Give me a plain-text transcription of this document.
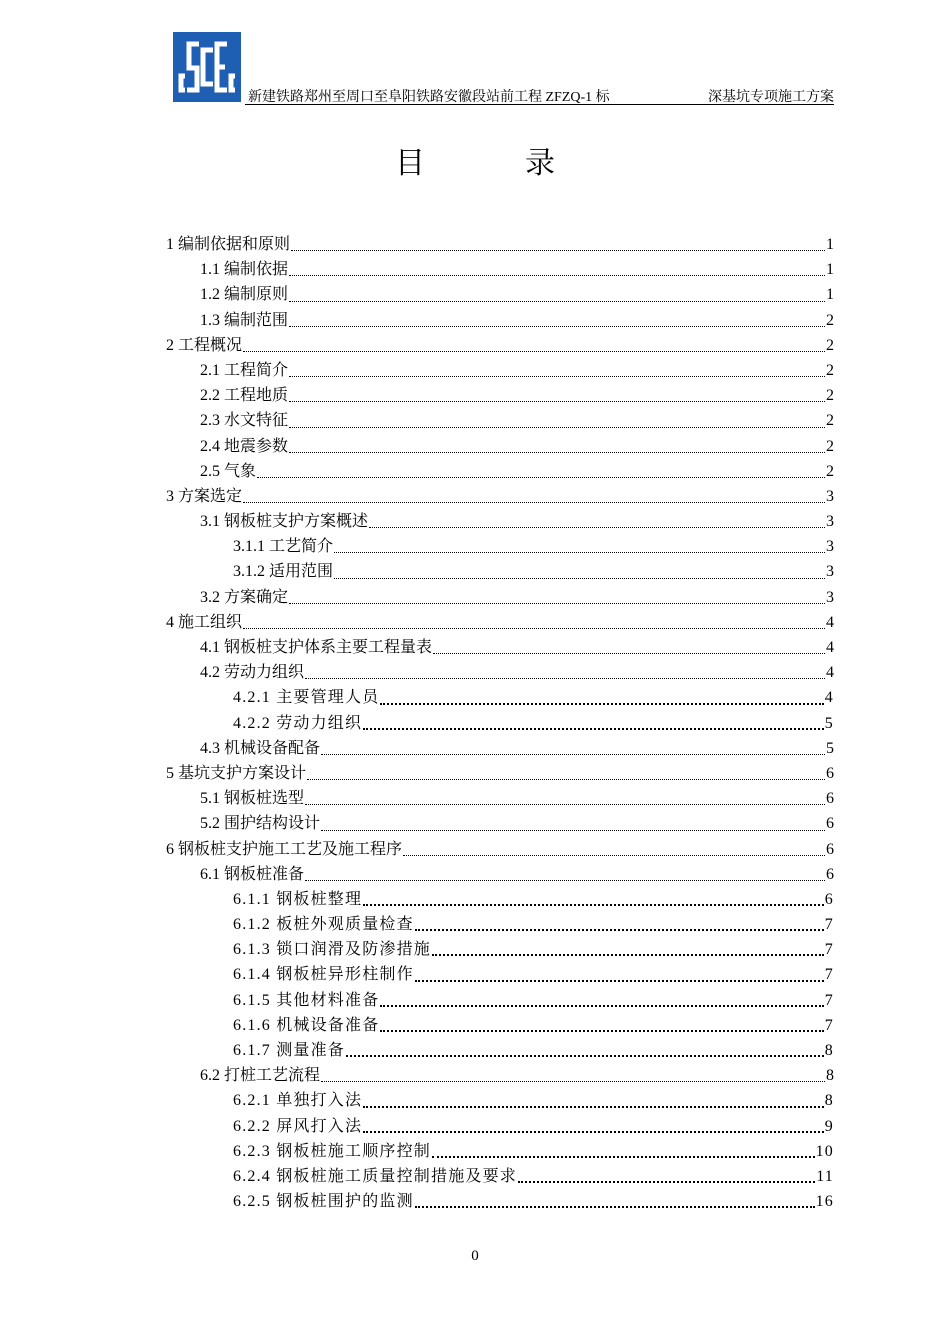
新建铁路郑州至周口至阜阳铁路安徽段站前工程 ZFZQ-1 标	深基坑专项施工方案
目	录
1 编制依据和原则	1
1.1 编制依据	1
1.2 编制原则	1
1.3 编制范围	2
2 工程概况	2
2.1 工程简介	2
2.2 工程地质	2
2.3 水文特征	2
2.4 地震参数	2
2.5 气象	2
3 方案选定	3
3.1 钢板桩支护方案概述	3
3.1.1 工艺简介	3
3.1.2 适用范围	3
3.2 方案确定	3
4 施工组织	4
4.1 钢板桩支护体系主要工程量表	4
4.2 劳动力组织	4
4.2.1 主要管理人员	4
4.2.2 劳动力组织	5
4.3 机械设备配备	5
5 基坑支护方案设计	6
5.1 钢板桩选型	6
5.2 围护结构设计	6
6 钢板桩支护施工工艺及施工程序	6
6.1 钢板桩准备	6
6.1.1 钢板桩整理	6
6.1.2 板桩外观质量检查	7
6.1.3 锁口润滑及防渗措施	7
6.1.4 钢板桩异形柱制作	7
6.1.5 其他材料准备	7
6.1.6 机械设备准备	7
6.1.7 测量准备	8
6.2 打桩工艺流程	8
6.2.1 单独打入法	8
6.2.2 屏风打入法	9
6.2.3 钢板桩施工顺序控制	10
6.2.4 钢板桩施工质量控制措施及要求	11
6.2.5 钢板桩围护的监测	16
0
